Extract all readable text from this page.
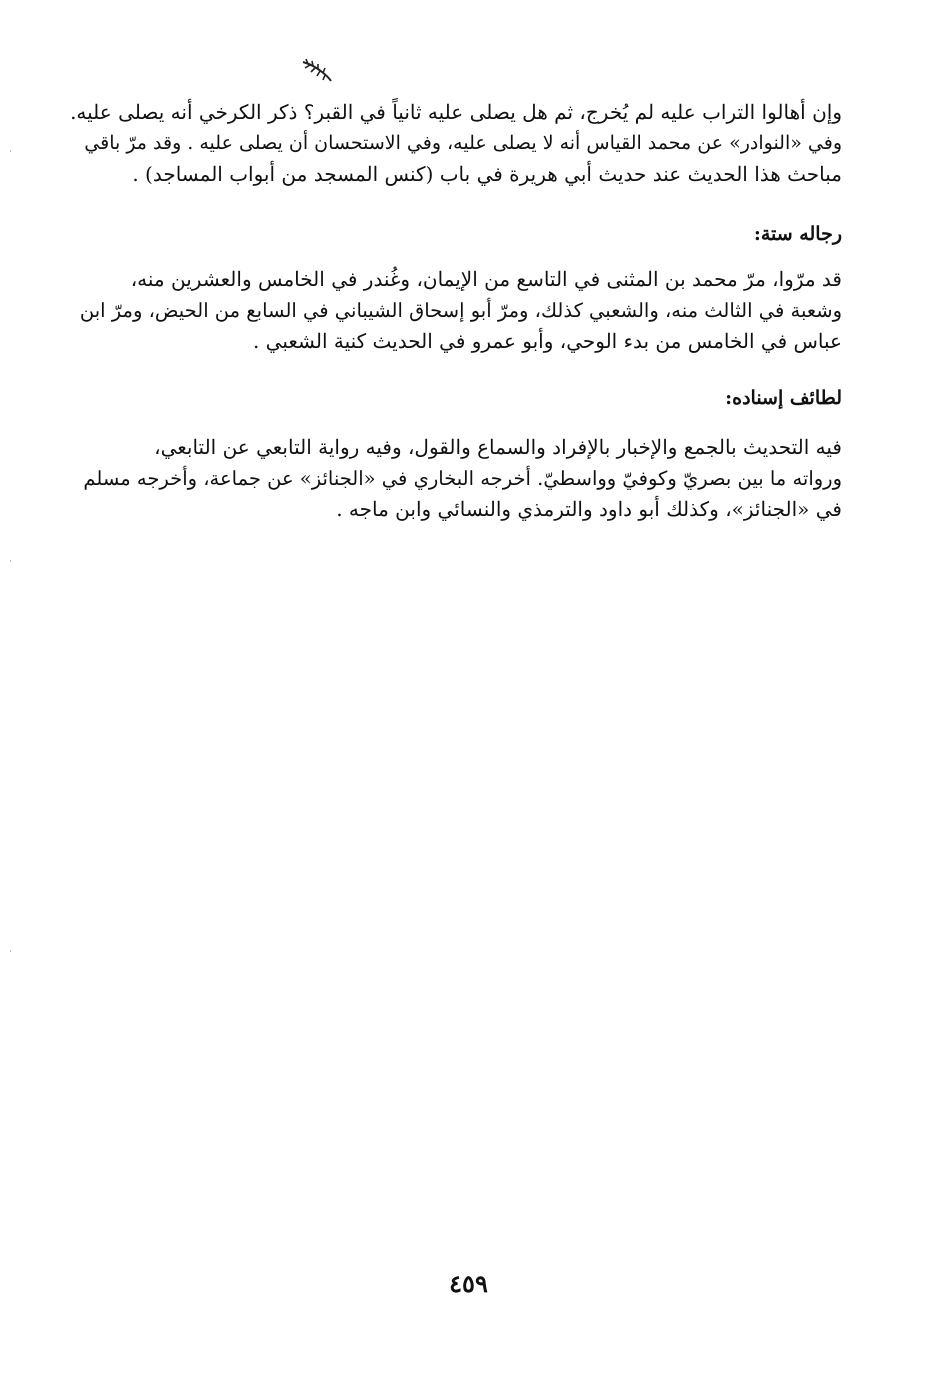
وإن أهالوا التراب عليه لم يُخرج، ثم هل يصلى عليه ثانياً في القبر؟ ذكر الكرخي أنه يصلى عليه.
وفي «النوادر» عن محمد القياس أنه لا يصلى عليه، وفي الاستحسان أن يصلى عليه . وقد مرّ باقي
مباحث هذا الحديث عند حديث أبي هريرة في باب (كنس المسجد من أبواب المساجد) .
رجاله ستة:
قد مرّوا، مرّ محمد بن المثنى في التاسع من الإيمان، وغُندر في الخامس والعشرين منه،
وشعبة في الثالث منه، والشعبي كذلك، ومرّ أبو إسحاق الشيباني في السابع من الحيض، ومرّ ابن
عباس في الخامس من بدء الوحي، وأبو عمرو في الحديث كنية الشعبي .
لطائف إسناده:
فيه التحديث بالجمع والإخبار بالإفراد والسماع والقول، وفيه رواية التابعي عن التابعي،
ورواته ما بين بصريّ وكوفيّ وواسطيّ. أخرجه البخاري في «الجنائز» عن جماعة، وأخرجه مسلم
في «الجنائز»، وكذلك أبو داود والترمذي والنسائي وابن ماجه .
٤٥٩
